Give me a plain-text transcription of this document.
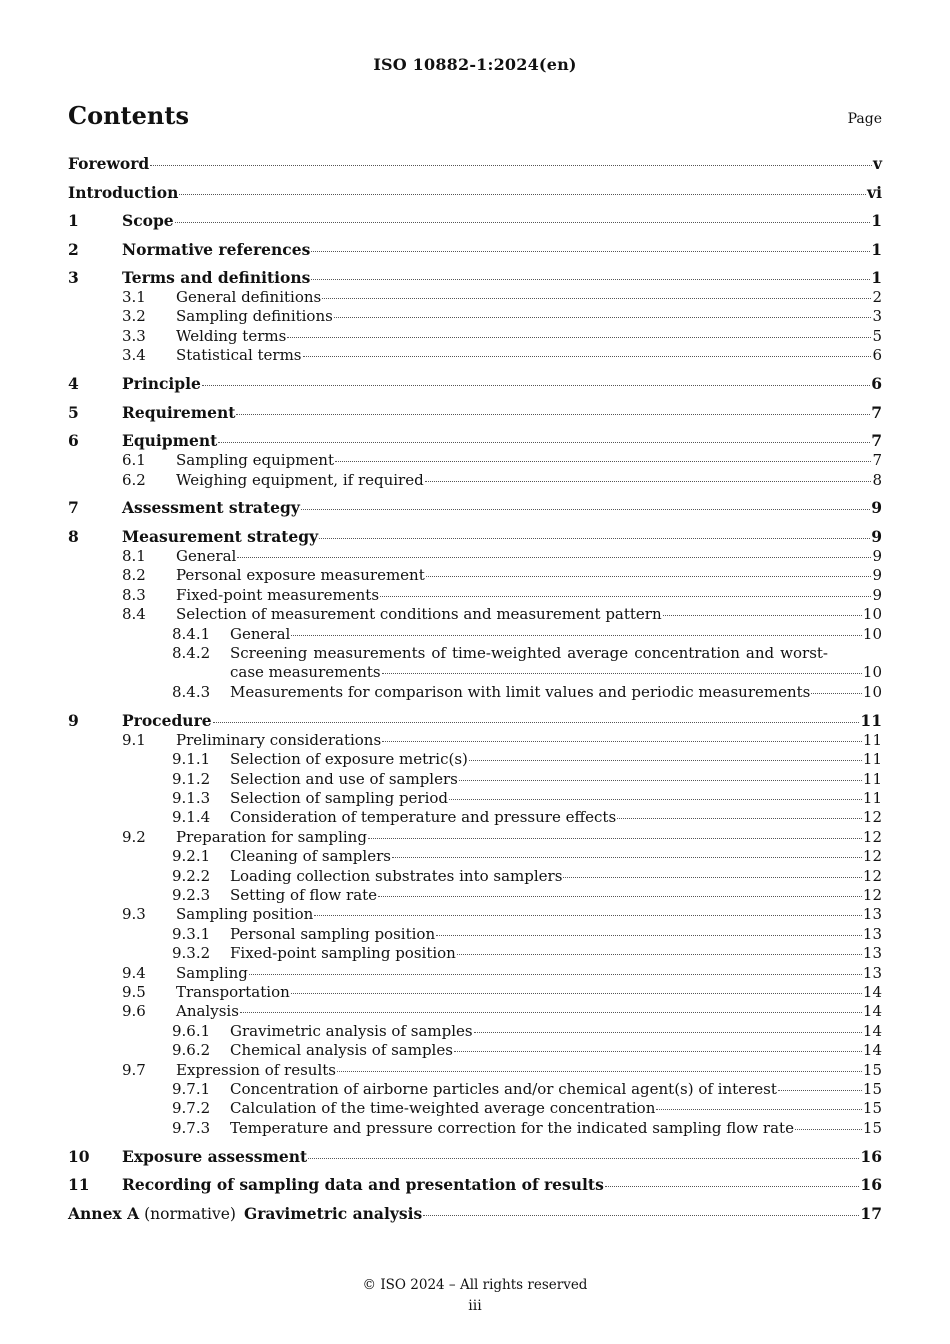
ISO 10882-1:2024(en)
Contents	Page
Foreword	v
Introduction	vi
1	Scope	1
2	Normative references	1
3	Terms and definitions	1
3.1	General definitions	2
3.2	Sampling definitions	3
3.3	Welding terms	5
3.4	Statistical terms	6
4	Principle	6
5	Requirement	7
6	Equipment	7
6.1	Sampling equipment	7
6.2	Weighing equipment, if required	8
7	Assessment strategy	9
8	Measurement strategy	9
8.1	General	9
8.2	Personal exposure measurement	9
8.3	Fixed-point measurements	9
8.4	Selection of measurement conditions and measurement pattern	10
8.4.1	General	10
8.4.2	Screening measurements of time-weighted average concentration and worst-
case measurements	10
8.4.3	Measurements for comparison with limit values and periodic measurements	10
9	Procedure	11
9.1	Preliminary considerations	11
9.1.1	Selection of exposure metric(s)	11
9.1.2	Selection and use of samplers	11
9.1.3	Selection of sampling period	11
9.1.4	Consideration of temperature and pressure effects	12
9.2	Preparation for sampling	12
9.2.1	Cleaning of samplers	12
9.2.2	Loading collection substrates into samplers	12
9.2.3	Setting of flow rate	12
9.3	Sampling position	13
9.3.1	Personal sampling position	13
9.3.2	Fixed-point sampling position	13
9.4	Sampling	13
9.5	Transportation	14
9.6	Analysis	14
9.6.1	Gravimetric analysis of samples	14
9.6.2	Chemical analysis of samples	14
9.7	Expression of results	15
9.7.1	Concentration of airborne particles and/or chemical agent(s) of interest	15
9.7.2	Calculation of the time-weighted average concentration	15
9.7.3	Temperature and pressure correction for the indicated sampling flow rate	15
10	Exposure assessment	16
11	Recording of sampling data and presentation of results	16
Annex A (normative) Gravimetric analysis	17
© ISO 2024 – All rights reserved
iii
